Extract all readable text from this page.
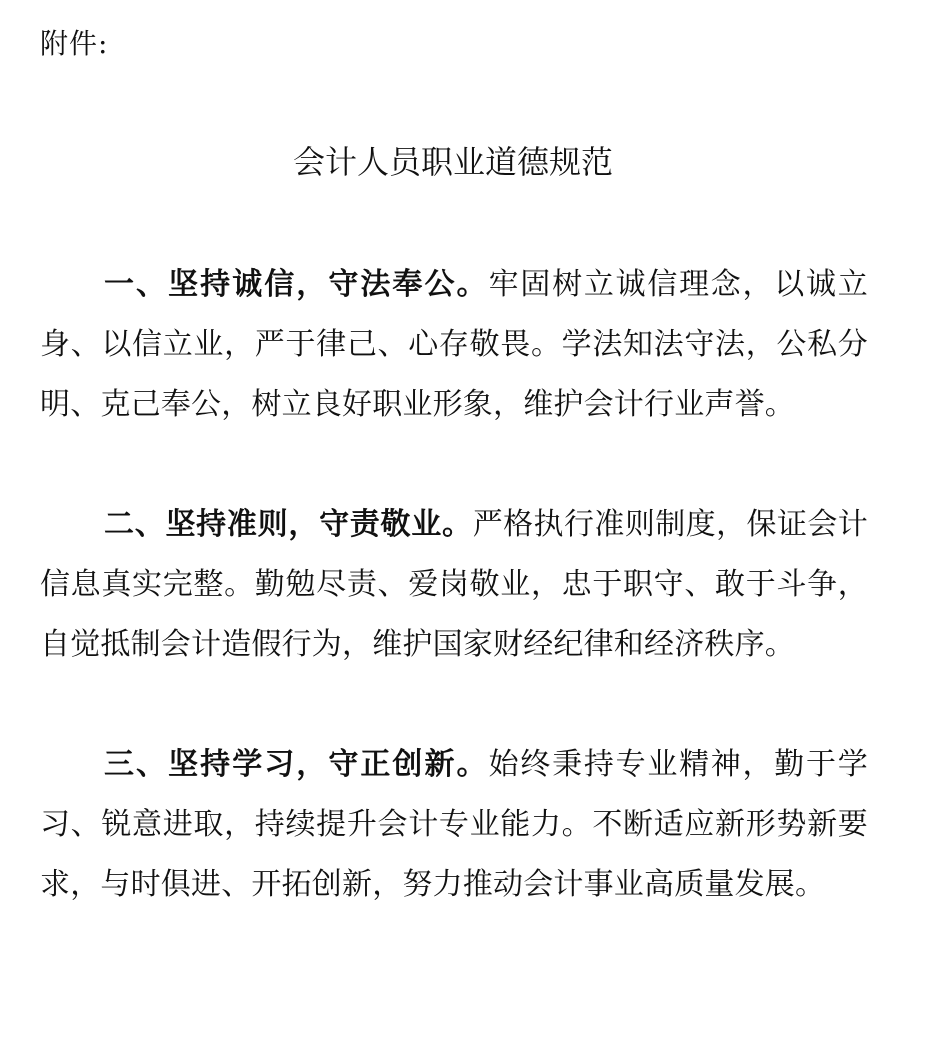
附件:
会计人员职业道德规范

一、坚持诚信，守法奉公。牢固树立诚信理念，以诚立身、以信立业，严于律己、心存敬畏。学法知法守法，公私分明、克己奉公，树立良好职业形象，维护会计行业声誉。

二、坚持准则，守责敬业。严格执行准则制度，保证会计信息真实完整。勤勉尽责、爱岗敬业，忠于职守、敢于斗争，自觉抵制会计造假行为，维护国家财经纪律和经济秩序。

三、坚持学习，守正创新。始终秉持专业精神，勤于学习、锐意进取，持续提升会计专业能力。不断适应新形势新要求，与时俱进、开拓创新，努力推动会计事业高质量发展。
